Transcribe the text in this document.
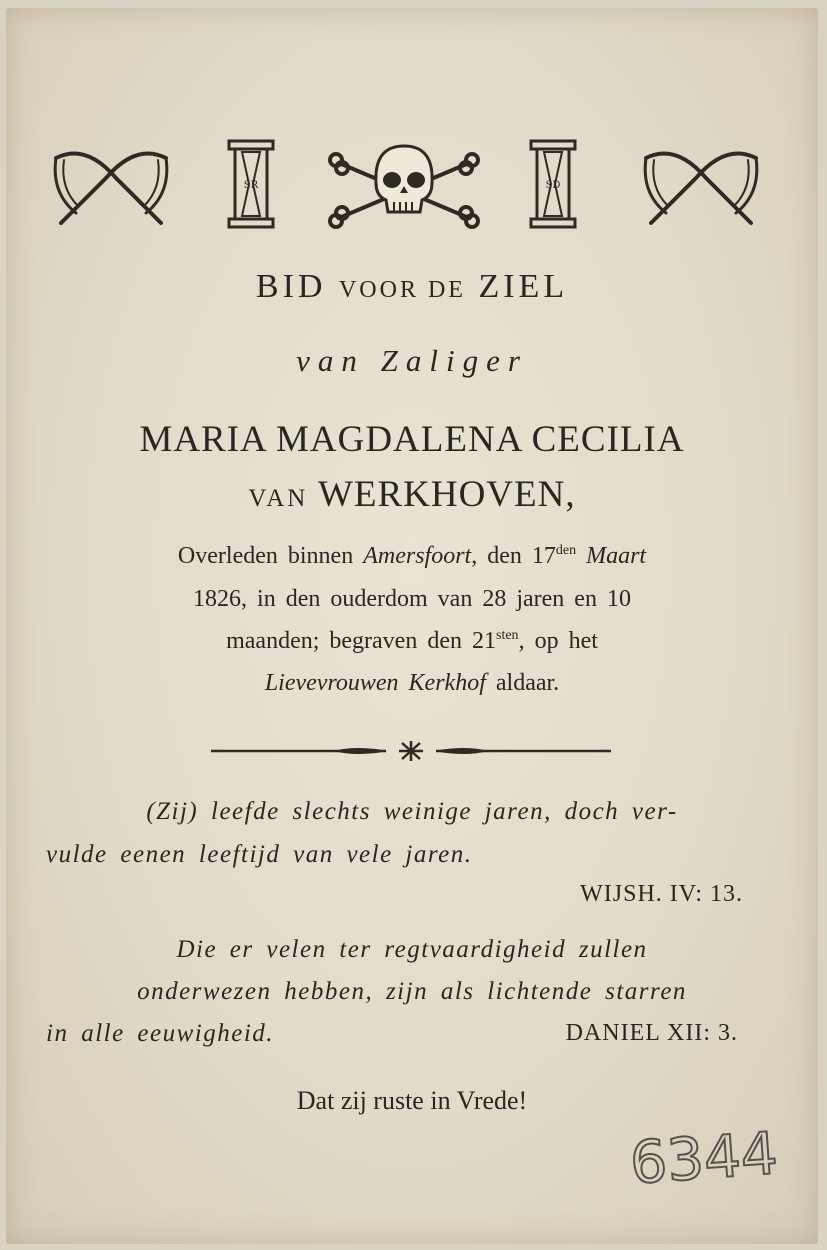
SR	SD
BID VOOR DE ZIEL
van Zaliger
MARIA MAGDALENA CECILIA
VAN WERKHOVEN,
Overleden binnen Amersfoort, den $17^{den}$ Maart
1826, in den ouderdom van 28 jaren en 10
maanden; begraven den $21^{sten}$, op het
Lievevrouwen Kerkhof aldaar.
(Zij) leefde slechts weinige jaren, doch ver-
vulde eenen leeftijd van vele jaren.
WIJSH. IV: 13.
Die er velen ter regtvaardigheid zullen
onderwezen hebben, zijn als lichtende starren
in alle eeuwigheid.	DANIEL XII: 3.
Dat zij ruste in Vrede!
6344
